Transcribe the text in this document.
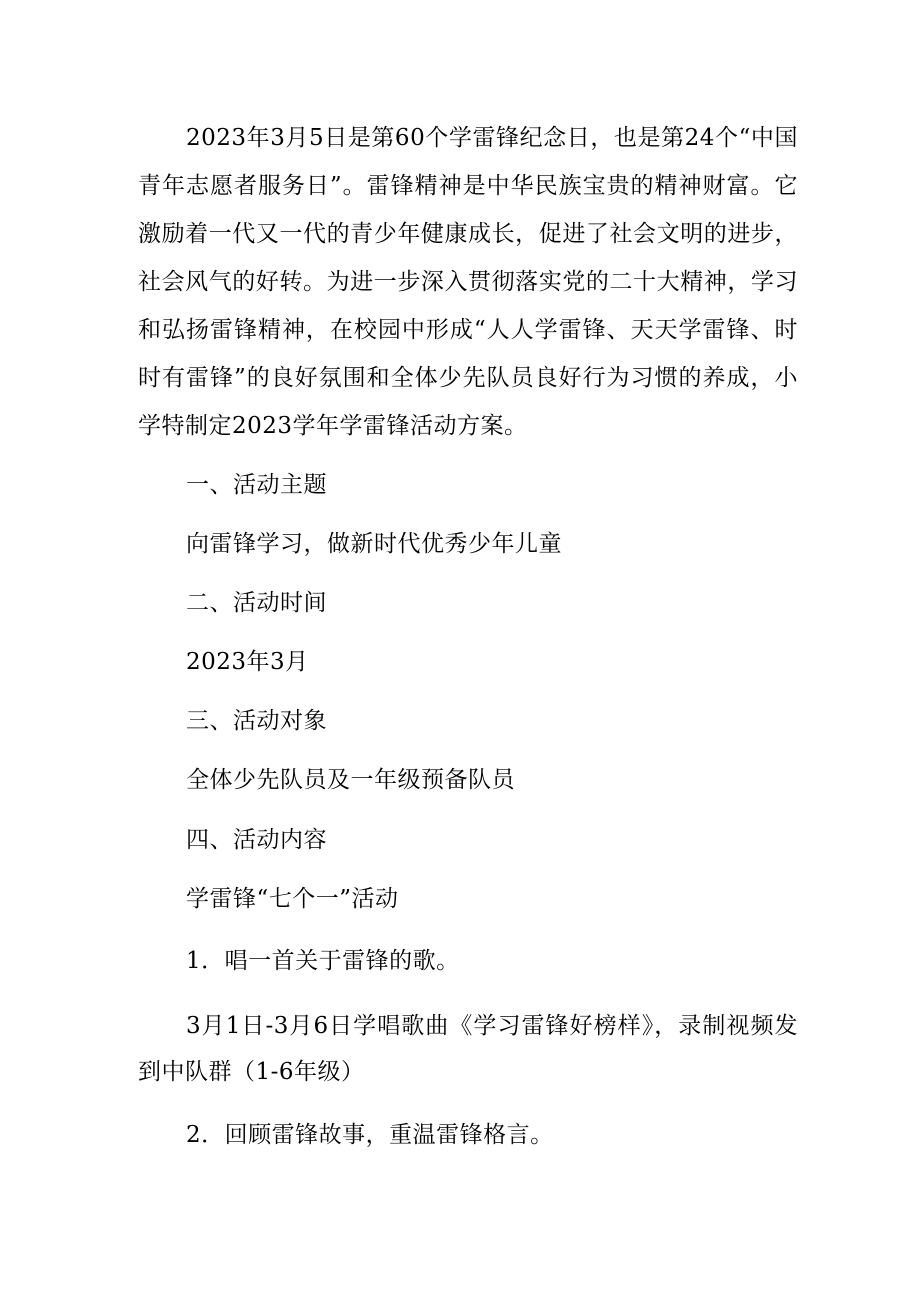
2023年3月5日是第60个学雷锋纪念日，也是第24个“中国青年志愿者服务日”。雷锋精神是中华民族宝贵的精神财富。它激励着一代又一代的青少年健康成长，促进了社会文明的进步，社会风气的好转。为进一步深入贯彻落实党的二十大精神，学习和弘扬雷锋精神，在校园中形成“人人学雷锋、天天学雷锋、时时有雷锋”的良好氛围和全体少先队员良好行为习惯的养成，小学特制定2023学年学雷锋活动方案。

一、活动主题

向雷锋学习，做新时代优秀少年儿童

二、活动时间

2023年3月

三、活动对象

全体少先队员及一年级预备队员

四、活动内容

学雷锋“七个一”活动

1．唱一首关于雷锋的歌。

3月1日-3月6日学唱歌曲《学习雷锋好榜样》，录制视频发到中队群（1-6年级）

2．回顾雷锋故事，重温雷锋格言。
